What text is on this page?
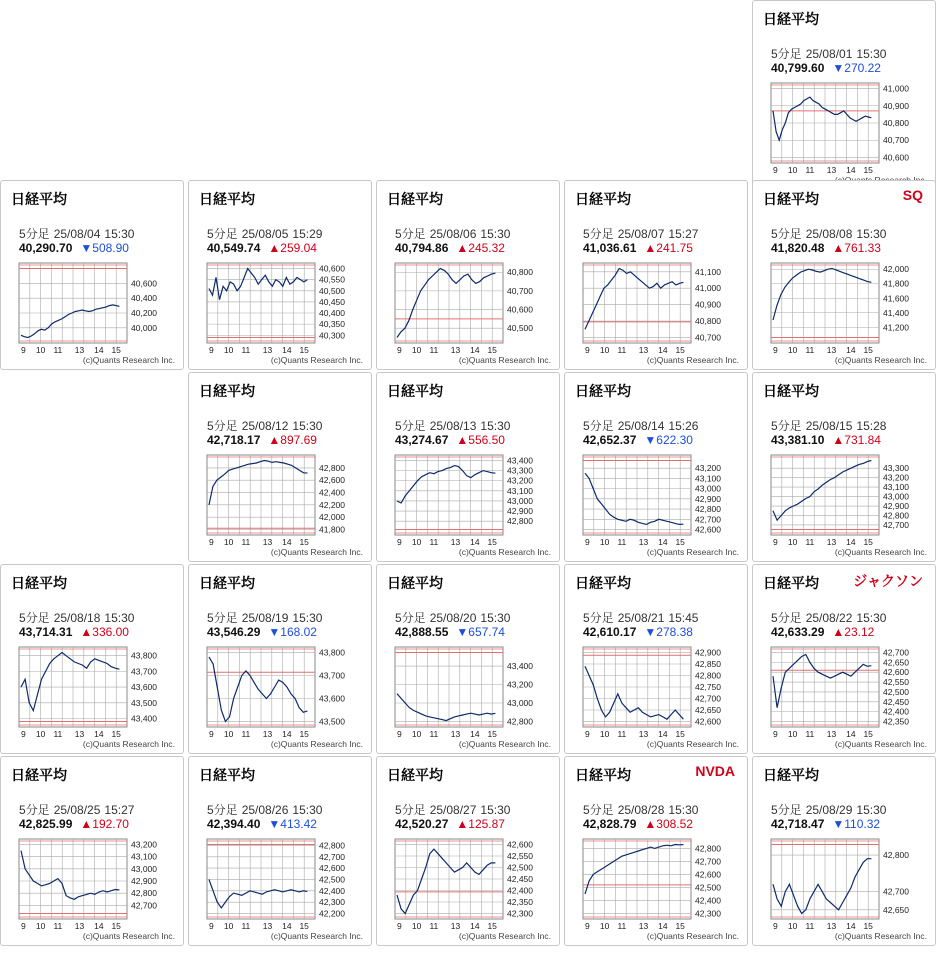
日経平均
5分足 25/08/01 15:30
40,799.60 ▼270.22
41,000
40,900
40,800
40,700
40,600
9 10 11 13 14 15
日経平均
5分足 25/08/04 15:30
40,290.70 ▼508.90
40,600
40,400
40,200
40,000
9 10 11 13 14 15
(c)Quants Research Inc.
日経平均
5分足 25/08/05 15:29
40,549.74 ▲259.04
40,600
40,550
40,500
40,450
40,400
40,350
40,300
9 10 11 13 14 15
(c)Quants Research Inc.
日経平均
5分足 25/08/06 15:30
40,794.86 ▲245.32
40,800
40,700
40,600
40,500
9 10 11 13 14 15
(c)Quants Research Inc.
日経平均
5分足 25/08/07 15:27
41,036.61 ▲241.75
41,100
41,000
40,900
40,800
40,700
9 10 11 13 14 15
(c)Quants Research Inc.
日経平均	SQ
5分足 25/08/08 15:30
41,820.48 ▲761.33
42,000
41,800
41,600
41,400
41,200
9 10 11 13 14 15
(c)Quants Research Inc.
日経平均
5分足 25/08/12 15:30
42,718.17 ▲897.69
42,800
42,600
42,400
42,200
42,000
41,800
9 10 11 13 14 15
(c)Quants Research Inc.
日経平均
5分足 25/08/13 15:30
43,274.67 ▲556.50
43,400
43,300
43,200
43,100
43,000
42,900
42,800
9 10 11 13 14 15
(c)Quants Research Inc.
日経平均
5分足 25/08/14 15:26
42,652.37 ▼622.30
43,200
43,100
43,000
42,900
42,800
42,700
42,600
9 10 11 13 14 15
(c)Quants Research Inc.
日経平均
5分足 25/08/15 15:28
43,381.10 ▲731.84
43,300
43,200
43,100
43,000
42,900
42,800
42,700
9 10 11 13 14 15
(c)Quants Research Inc.
日経平均
5分足 25/08/18 15:30
43,714.31 ▲336.00
43,800
43,700
43,600
43,500
43,400
9 10 11 13 14 15
(c)Quants Research Inc.
日経平均
5分足 25/08/19 15:30
43,546.29 ▼168.02
43,800
43,700
43,600
43,500
9 10 11 13 14 15
(c)Quants Research Inc.
日経平均
5分足 25/08/20 15:30
42,888.55 ▼657.74
43,400
43,200
43,000
42,800
9 10 11 13 14 15
(c)Quants Research Inc.
日経平均
5分足 25/08/21 15:45
42,610.17 ▼278.38
42,900
42,850
42,800
42,750
42,700
42,650
42,600
9 10 11 13 14 15
(c)Quants Research Inc.
日経平均 ジャクソン
5分足 25/08/22 15:30
42,633.29 ▲23.12
42,700
42,650
42,600
42,550
42,500
42,450
42,400
42,350
9 10 11 13 14 15
(c)Quants Research Inc.
日経平均
5分足 25/08/25 15:27
42,825.99 ▲192.70
43,200
43,100
43,000
42,900
42,800
42,700
9 10 11 13 14 15
(c)Quants Research Inc.
日経平均
5分足 25/08/26 15:30
42,394.40 ▼413.42
42,800
42,700
42,600
42,500
42,400
42,300
42,200
9 10 11 13 14 15
(c)Quants Research Inc.
日経平均
5分足 25/08/27 15:30
42,520.27 ▲125.87
42,600
42,550
42,500
42,450
42,400
42,350
42,300
9 10 11 13 14 15
(c)Quants Research Inc.
日経平均	NVDA
5分足 25/08/28 15:30
42,828.79 ▲308.52
42,800
42,700
42,600
42,500
42,400
42,300
9 10 11 13 14 15
(c)Quants Research Inc.
日経平均
5分足 25/08/29 15:30
42,718.47 ▼110.32
42,800
42,700
42,650
9 10 11 13 14 15
(c)Quants Research Inc.
